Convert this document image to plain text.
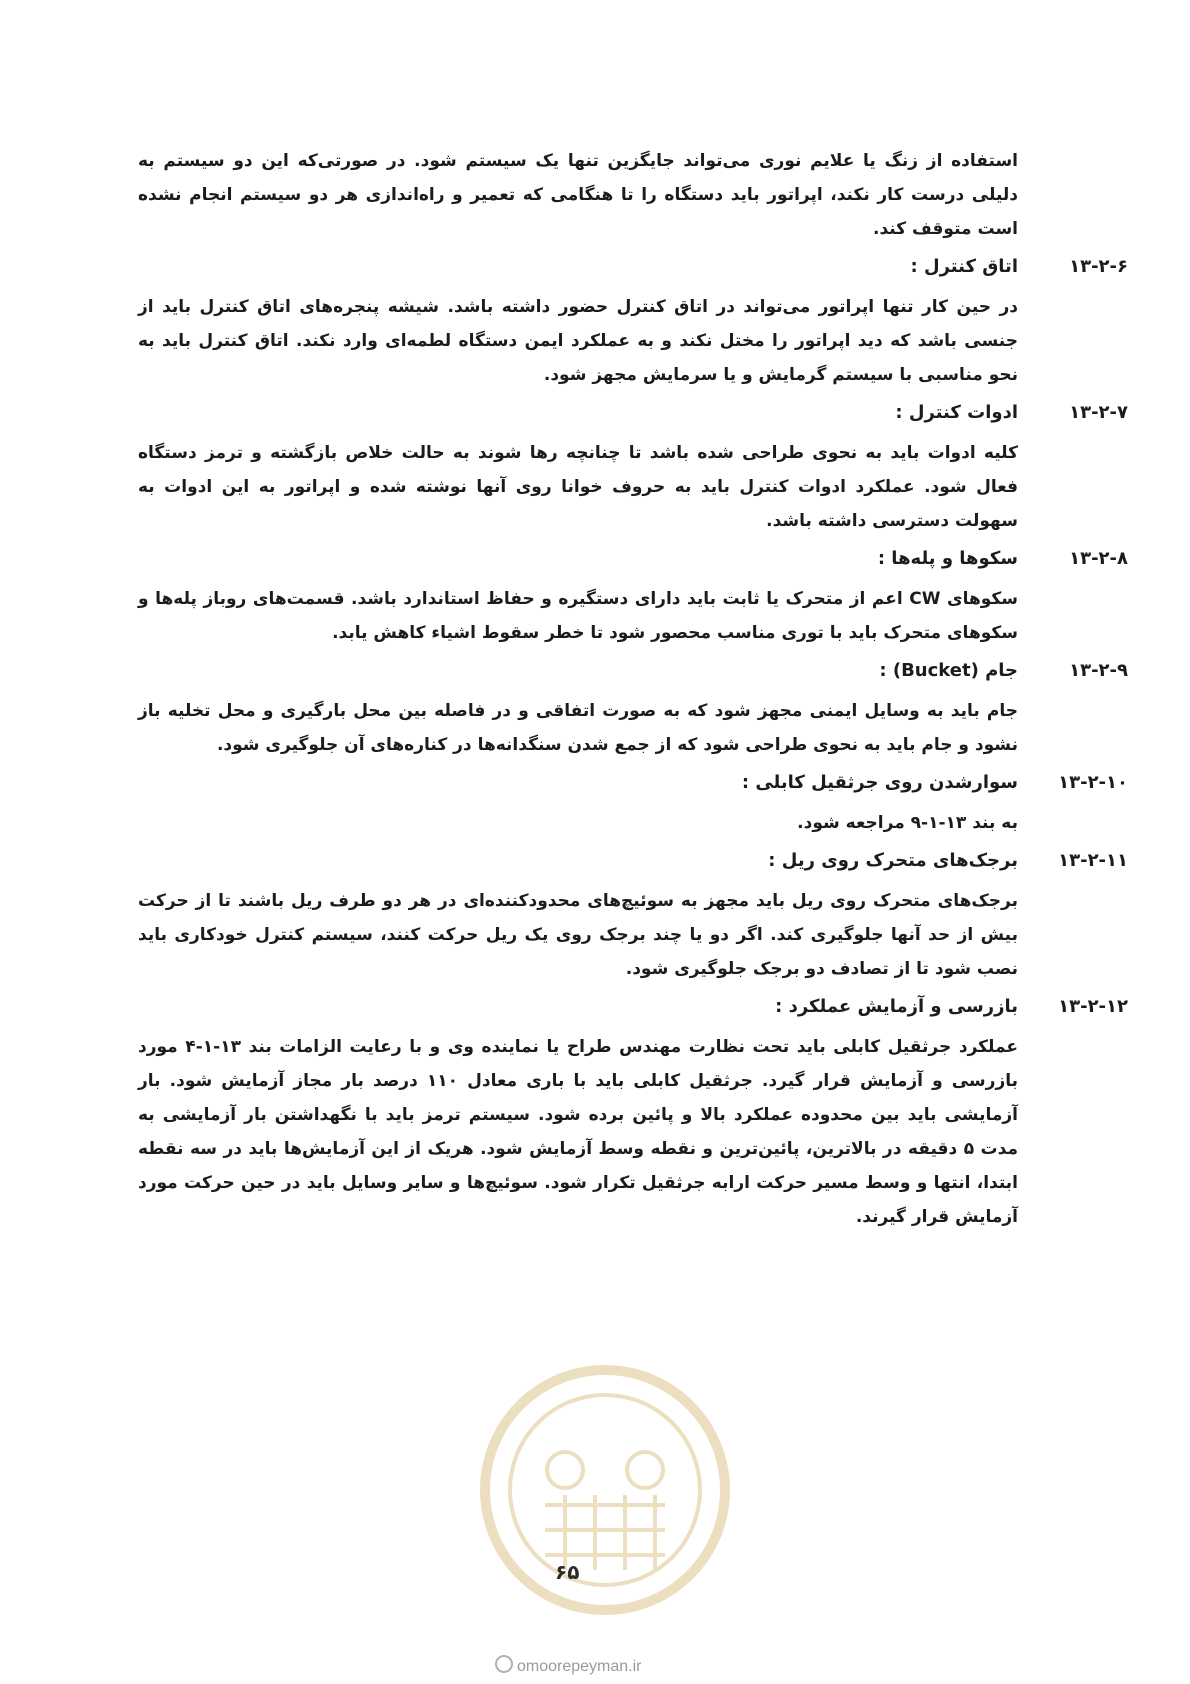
استفاده از زنگ یا علایم نوری می‌تواند جایگزین تنها یک سیستم شود. در صورتی‌که این دو سیستم به دلیلی درست کار نکند، اپراتور باید دستگاه را تا هنگامی که تعمیر و راه‌اندازی هر دو سیستم انجام نشده است متوقف کند.

۱۳-۲-۶
اتاق کنترل :

در حین کار تنها اپراتور می‌تواند در اتاق کنترل حضور داشته باشد. شیشه پنجره‌های اتاق کنترل باید از جنسی باشد که دید اپراتور را مختل نکند و به عملکرد ایمن دستگاه لطمه‌ای وارد نکند. اتاق کنترل باید به نحو مناسبی با سیستم گرمایش و یا سرمایش مجهز شود.

۱۳-۲-۷
ادوات کنترل :

کلیه ادوات باید به نحوی طراحی شده باشد تا چنانچه رها شوند به حالت خلاص بازگشته و ترمز دستگاه فعال شود. عملکرد ادوات کنترل باید به حروف خوانا روی آنها نوشته شده و اپراتور به این ادوات به سهولت دسترسی داشته باشد.

۱۳-۲-۸
سکوها و پله‌ها :

سکوهای CW اعم از متحرک یا ثابت باید دارای دستگیره و حفاظ استاندارد باشد. قسمت‌های روباز پله‌ها و سکوهای متحرک باید با توری مناسب محصور شود تا خطر سقوط اشیاء کاهش یابد.

۱۳-۲-۹
جام (Bucket) :

جام باید به وسایل ایمنی مجهز شود که به صورت اتفاقی و در فاصله بین محل بارگیری و محل تخلیه باز نشود و جام باید به نحوی طراحی شود که از جمع شدن سنگدانه‌ها در کناره‌های آن جلوگیری شود.

۱۳-۲-۱۰
سوارشدن روی جرثقیل کابلی :

به بند ۱۳-۱-۹ مراجعه شود.

۱۳-۲-۱۱
برجک‌های متحرک روی ریل :

برجک‌های متحرک روی ریل باید مجهز به سوئیچ‌های محدودکننده‌ای در هر دو طرف ریل باشند تا از حرکت بیش از حد آنها جلوگیری کند. اگر دو یا چند برجک روی یک ریل حرکت کنند، سیستم کنترل خودکاری باید نصب شود تا از تصادف دو برجک جلوگیری شود.

۱۳-۲-۱۲
بازرسی و آزمایش عملکرد :

عملکرد جرثقیل کابلی باید تحت نظارت مهندس طراح یا نماینده وی و با رعایت الزامات بند ۱۳-۱-۴ مورد بازرسی و آزمایش قرار گیرد. جرثقیل کابلی باید با باری معادل ۱۱۰ درصد بار مجاز آزمایش شود. بار آزمایشی باید بین محدوده عملکرد بالا و پائین برده شود. سیستم ترمز باید با نگهداشتن بار آزمایشی به مدت ۵ دقیقه در بالاترین، پائین‌ترین و نقطه وسط آزمایش شود. هریک از این آزمایش‌ها باید در سه نقطه ابتدا، انتها و وسط مسیر حرکت ارابه جرثقیل تکرار شود. سوئیچ‌ها و سایر وسایل باید در حین حرکت مورد آزمایش قرار گیرند.

۶۵
omoorepeyman.ir
